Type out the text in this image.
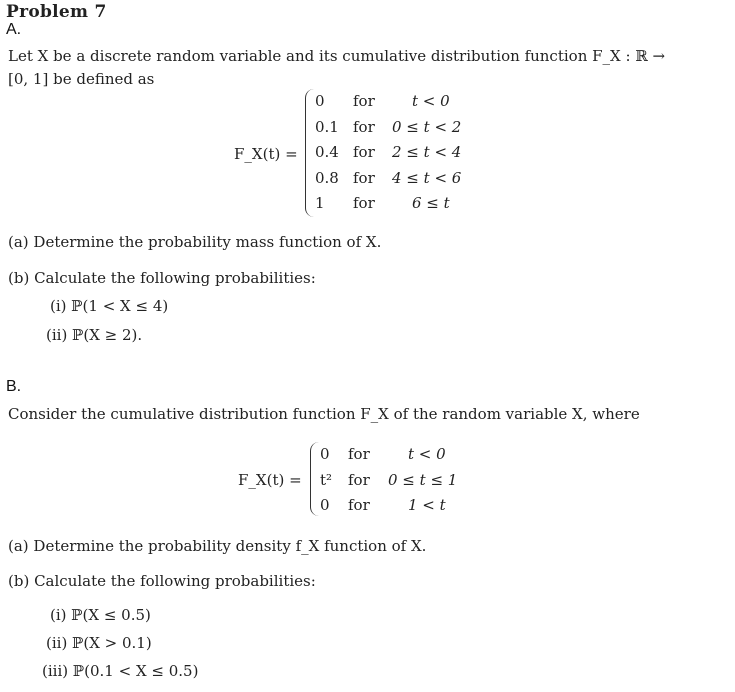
Problem 7
A.
Let X be a discrete random variable and its cumulative distribution function F_X : ℝ →
[0, 1] be defined as
F_X(t) =
0 for t < 0
0.1 for 0 ≤ t < 2
0.4 for 2 ≤ t < 4
0.8 for 4 ≤ t < 6
1 for 6 ≤ t
(a) Determine the probability mass function of X.
(b) Calculate the following probabilities:
(i) ℙ(1 < X ≤ 4)
(ii) ℙ(X ≥ 2).
B.
Consider the cumulative distribution function F_X of the random variable X, where
F_X(t) =
0 for	t < 0
t² for 0 ≤ t ≤ 1
0 for	1 < t
(a) Determine the probability density f_X function of X.
(b) Calculate the following probabilities:
(i) ℙ(X ≤ 0.5)
(ii) ℙ(X > 0.1)
(iii) ℙ(0.1 < X ≤ 0.5)
